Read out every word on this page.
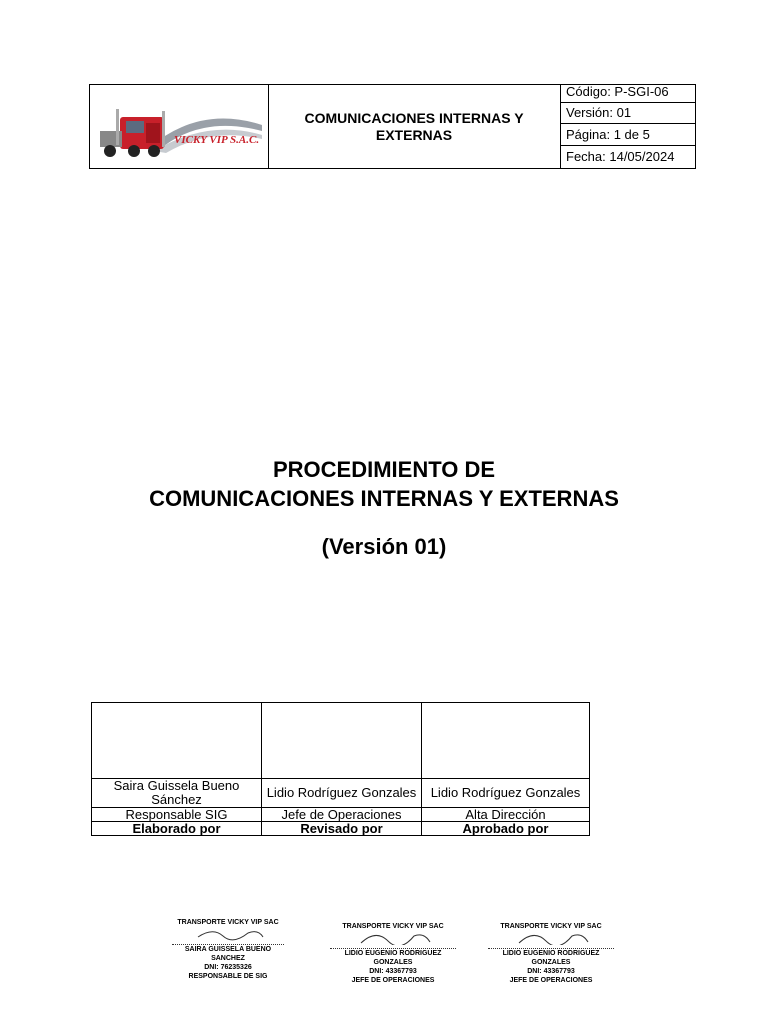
VICKY VIP S.A.C.
COMUNICACIONES INTERNAS Y EXTERNAS
Código: P-SGI-06
Versión: 01
Página: 1 de 5
Fecha: 14/05/2024
PROCEDIMIENTO DE
COMUNICACIONES INTERNAS Y EXTERNAS
(Versión 01)
Saira Guissela Bueno Sánchez
Responsable SIG
Elaborado por
Lidio Rodríguez Gonzales
Jefe de Operaciones
Revisado por
Lidio Rodríguez Gonzales
Alta Dirección
Aprobado por
TRANSPORTE VICKY VIP SAC
SAIRA GUISSELA BUENO SANCHEZ
DNI: 76235326
RESPONSABLE DE SIG
TRANSPORTE VICKY VIP SAC
LIDIO EUGENIO RODRIGUEZ GONZALES
DNI: 43367793
JEFE DE OPERACIONES
TRANSPORTE VICKY VIP SAC
LIDIO EUGENIO RODRIGUEZ GONZALES
DNI: 43367793
JEFE DE OPERACIONES
